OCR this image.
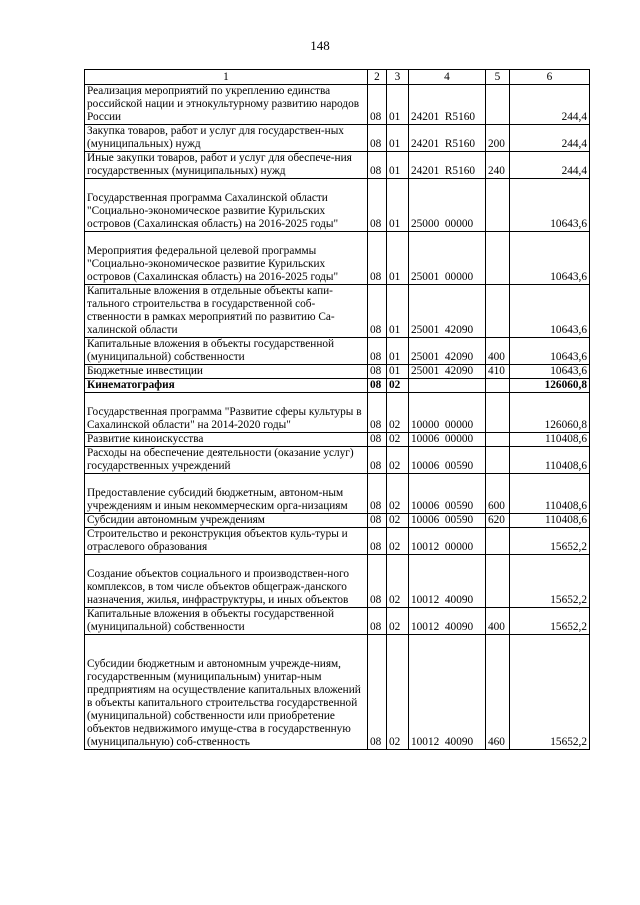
148
1	2	3	4	5	6
Реализация мероприятий по укреплению единства российской нации и этнокультурному развитию народов России	08	01	24201  R5160		244,4
Закупка товаров, работ и услуг для государствен-ных (муниципальных) нужд	08	01	24201  R5160	200	244,4
Иные закупки товаров, работ и услуг для обеспече-ния государственных (муниципальных) нужд	08	01	24201  R5160	240	244,4
Государственная программа Сахалинской области "Социально-экономическое развитие Курильских островов (Сахалинская область) на 2016-2025 годы"	08	01	25000  00000		10643,6
Мероприятия федеральной целевой программы "Социально-экономическое развитие Курильских островов (Сахалинская область) на 2016-2025 годы"	08	01	25001  00000		10643,6
Капитальные вложения в отдельные объекты капи-тального строительства в государственной соб-ственности в рамках мероприятий по развитию Са-халинской области	08	01	25001  42090		10643,6
Капитальные вложения в объекты государственной (муниципальной) собственности	08	01	25001  42090	400	10643,6
Бюджетные инвестиции	08	01	25001  42090	410	10643,6
Кинематография	08	02			126060,8
Государственная программа "Развитие сферы культуры в Сахалинской области" на 2014-2020 годы"	08	02	10000  00000		126060,8
Развитие киноискусства	08	02	10006  00000		110408,6
Расходы на обеспечение деятельности (оказание услуг) государственных учреждений	08	02	10006  00590		110408,6
Предоставление субсидий бюджетным, автоном-ным учреждениям и иным некоммерческим орга-низациям	08	02	10006  00590	600	110408,6
Субсидии автономным учреждениям	08	02	10006  00590	620	110408,6
Строительство и реконструкция объектов куль-туры и отраслевого образования	08	02	10012  00000		15652,2
Создание объектов социального и производствен-ного комплексов, в том числе объектов общеграж-данского назначения, жилья, инфраструктуры, и иных объектов	08	02	10012  40090		15652,2
Капитальные вложения в объекты государственной (муниципальной) собственности	08	02	10012  40090	400	15652,2
Субсидии бюджетным и автономным учрежде-ниям, государственным (муниципальным) унитар-ным предприятиям на осуществление капитальных вложений в объекты капитального строительства государственной (муниципальной) собственности или приобретение объектов недвижимого имуще-ства в государственную (муниципальную) соб-ственность	08	02	10012  40090	460	15652,2
